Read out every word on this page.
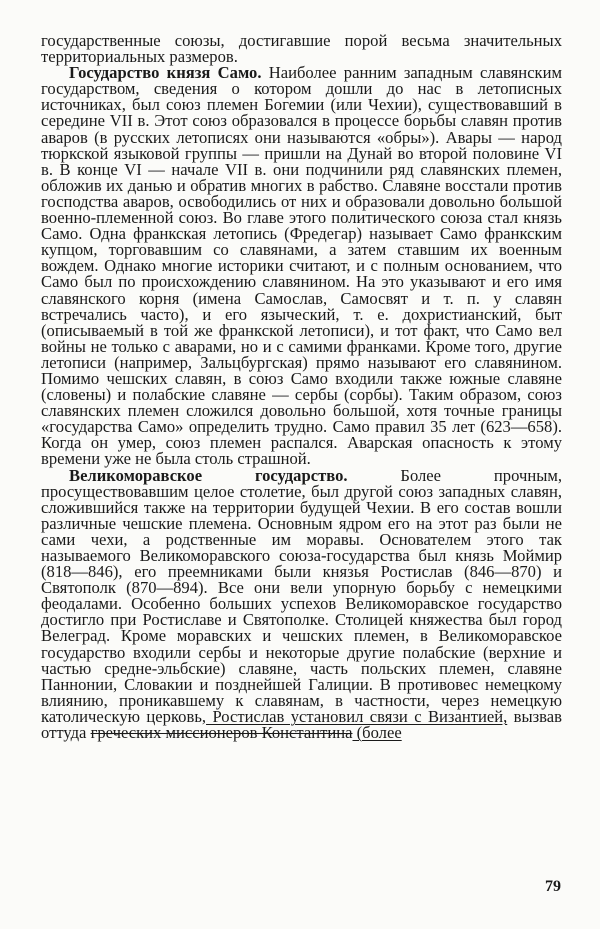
государственные союзы, достигавшие порой весьма значительных территориальных размеров.

Государство князя Само. Наиболее ранним западным славянским государством, сведения о котором дошли до нас в летописных источниках, был союз племен Богемии (или Чехии), существовавший в середине VII в. Этот союз образовался в процессе борьбы славян против аваров (в русских летописях они называются «обры»). Авары — народ тюркской языковой группы — пришли на Дунай во второй половине VI в. В конце VI — начале VII в. они подчинили ряд славянских племен, обложив их данью и обратив многих в рабство. Славяне восстали против господства аваров, освободились от них и образовали довольно большой военно-племенной союз. Во главе этого политического союза стал князь Само. Одна франкская летопись (Фредегар) называет Само франкским купцом, торговавшим со славянами, а затем ставшим их военным вождем. Однако многие историки считают, и с полным основанием, что Само был по происхождению славянином. На это указывают и его имя славянского корня (имена Самослав, Самосвят и т. п. у славян встречались часто), и его языческий, т. е. дохристианский, быт (описываемый в той же франкской летописи), и тот факт, что Само вел войны не только с аварами, но и с самими франками. Кроме того, другие летописи (например, Зальцбургская) прямо называют его славянином. Помимо чешских славян, в союз Само входили также южные славяне (словены) и полабские славяне — сербы (сорбы). Таким образом, союз славянских племен сложился довольно большой, хотя точные границы «государства Само» определить трудно. Само правил 35 лет (623—658). Когда он умер, союз племен распался. Аварская опасность к этому времени уже не была столь страшной.

Великоморавское государство. Более прочным, просуществовавшим целое столетие, был другой союз западных славян, сложившийся также на территории будущей Чехии. В его состав вошли различные чешские племена. Основным ядром его на этот раз были не сами чехи, а родственные им моравы. Основателем этого так называемого Великоморавского союза-государства был князь Моймир (818—846), его преемниками были князья Ростислав (846—870) и Святополк (870—894). Все они вели упорную борьбу с немецкими феодалами. Особенно больших успехов Великоморавское государство достигло при Ростиславе и Святополке. Столицей княжества был город Велеград. Кроме моравских и чешских племен, в Великоморавское государство входили сербы и некоторые другие полабские (верхние и частью средне-эльбские) славяне, часть польских племен, славяне Паннонии, Словакии и позднейшей Галиции. В противовес немецкому влиянию, проникавшему к славянам, в частности, через немецкую католическую церковь, Ростислав установил связи с Византией, вызвав оттуда греческих миссионеров Константина (более

79
